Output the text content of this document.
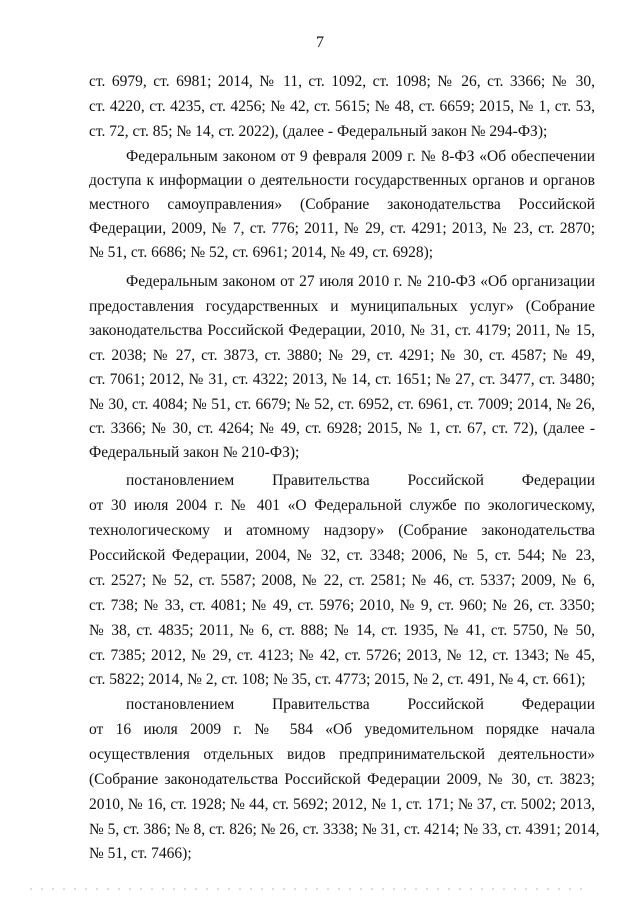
7
ст. 6979, ст. 6981; 2014, № 11, ст. 1092, ст. 1098; № 26, ст. 3366; № 30,
ст. 4220, ст. 4235, ст. 4256; № 42, ст. 5615; № 48, ст. 6659; 2015, № 1, ст. 53,
ст. 72, ст. 85; № 14, ст. 2022), (далее - Федеральный закон № 294-ФЗ);
Федеральным законом от 9 февраля 2009 г. № 8-ФЗ «Об обеспечении
доступа к информации о деятельности государственных органов и органов
местного самоуправления» (Собрание законодательства Российской
Федерации, 2009, № 7, ст. 776; 2011, № 29, ст. 4291; 2013, № 23, ст. 2870;
№ 51, ст. 6686; № 52, ст. 6961; 2014, № 49, ст. 6928);
Федеральным законом от 27 июля 2010 г. № 210-ФЗ «Об организации
предоставления государственных и муниципальных услуг» (Собрание
законодательства Российской Федерации, 2010, № 31, ст. 4179; 2011, № 15,
ст. 2038; № 27, ст. 3873, ст. 3880; № 29, ст. 4291; № 30, ст. 4587; № 49,
ст. 7061; 2012, № 31, ст. 4322; 2013, № 14, ст. 1651; № 27, ст. 3477, ст. 3480;
№ 30, ст. 4084; № 51, ст. 6679; № 52, ст. 6952, ст. 6961, ст. 7009; 2014, № 26,
ст. 3366; № 30, ст. 4264; № 49, ст. 6928; 2015, № 1, ст. 67, ст. 72), (далее -
Федеральный закон № 210-ФЗ);
постановлением Правительства Российской Федерации
от 30 июля 2004 г. № 401 «О Федеральной службе по экологическому,
технологическому и атомному надзору» (Собрание законодательства
Российской Федерации, 2004, № 32, ст. 3348; 2006, № 5, ст. 544; № 23,
ст. 2527; № 52, ст. 5587; 2008, № 22, ст. 2581; № 46, ст. 5337; 2009, № 6,
ст. 738; № 33, ст. 4081; № 49, ст. 5976; 2010, № 9, ст. 960; № 26, ст. 3350;
№ 38, ст. 4835; 2011, № 6, ст. 888; № 14, ст. 1935, № 41, ст. 5750, № 50,
ст. 7385; 2012, № 29, ст. 4123; № 42, ст. 5726; 2013, № 12, ст. 1343; № 45,
ст. 5822; 2014, № 2, ст. 108; № 35, ст. 4773; 2015, № 2, ст. 491, № 4, ст. 661);
постановлением Правительства Российской Федерации
от 16 июля 2009 г. № 584 «Об уведомительном порядке начала
осуществления отдельных видов предпринимательской деятельности»
(Собрание законодательства Российской Федерации 2009, № 30, ст. 3823;
2010, № 16, ст. 1928; № 44, ст. 5692; 2012, № 1, ст. 171; № 37, ст. 5002; 2013,
№ 5, ст. 386; № 8, ст. 826; № 26, ст. 3338; № 31, ст. 4214; № 33, ст. 4391; 2014,
№ 51, ст. 7466);
